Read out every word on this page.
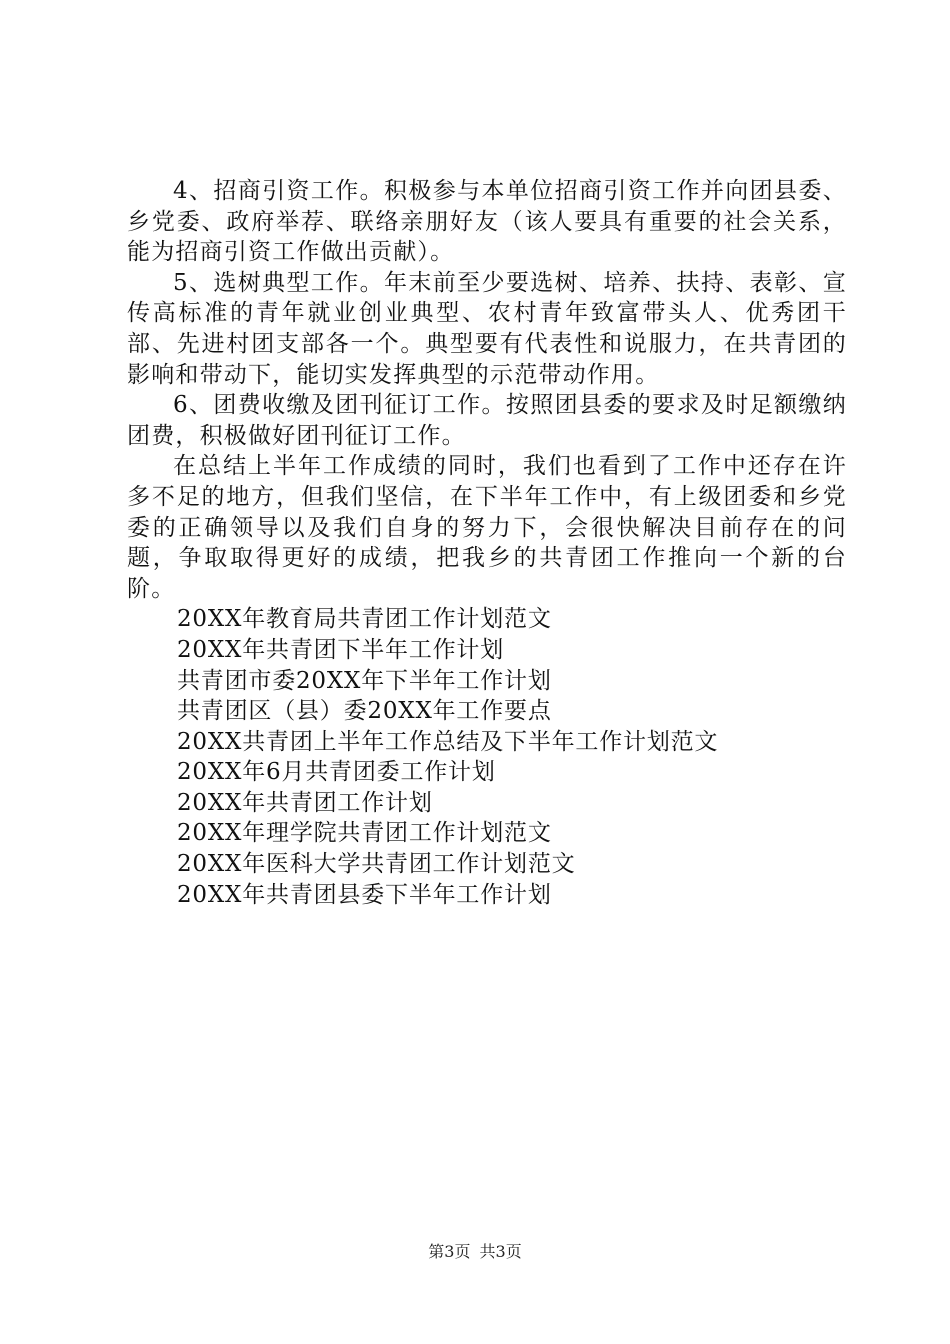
4、招商引资工作。积极参与本单位招商引资工作并向团县委、乡党委、政府举荐、联络亲朋好友（该人要具有重要的社会关系，能为招商引资工作做出贡献）。

5、选树典型工作。年末前至少要选树、培养、扶持、表彰、宣传高标准的青年就业创业典型、农村青年致富带头人、优秀团干部、先进村团支部各一个。典型要有代表性和说服力，在共青团的影响和带动下，能切实发挥典型的示范带动作用。

6、团费收缴及团刊征订工作。按照团县委的要求及时足额缴纳团费，积极做好团刊征订工作。

在总结上半年工作成绩的同时，我们也看到了工作中还存在许多不足的地方，但我们坚信，在下半年工作中，有上级团委和乡党委的正确领导以及我们自身的努力下，会很快解决目前存在的问题，争取取得更好的成绩，把我乡的共青团工作推向一个新的台阶。

20XX年教育局共青团工作计划范文
20XX年共青团下半年工作计划
共青团市委20XX年下半年工作计划
共青团区（县）委20XX年工作要点
20XX共青团上半年工作总结及下半年工作计划范文
20XX年6月共青团委工作计划
20XX年共青团工作计划
20XX年理学院共青团工作计划范文
20XX年医科大学共青团工作计划范文
20XX年共青团县委下半年工作计划
第3页 共3页
